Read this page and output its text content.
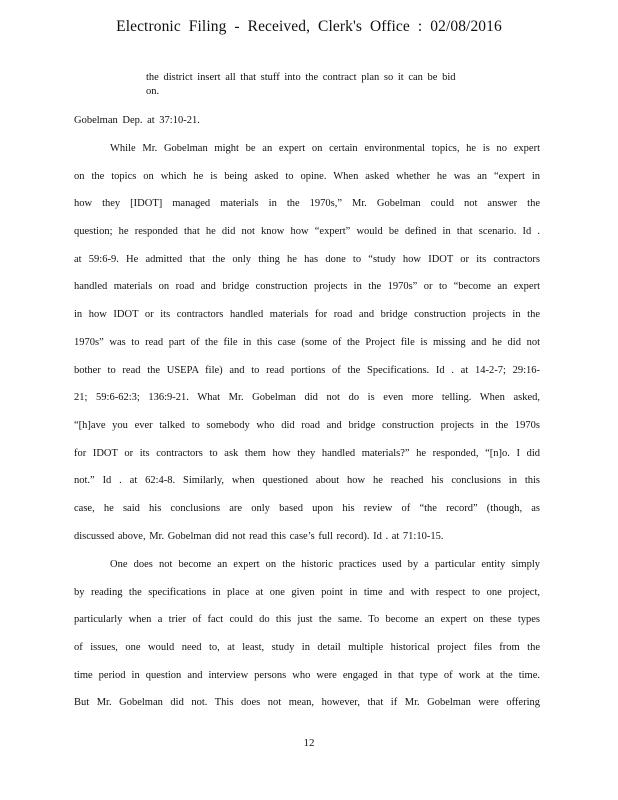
Electronic Filing - Received, Clerk's Office : 02/08/2016
the district insert all that stuff into the contract plan so it can be bid
on.
Gobelman Dep. at 37:10-21.
While Mr. Gobelman might be an expert on certain environmental topics, he is no expert
on the topics on which he is being asked to opine. When asked whether he was an “expert in
how they [IDOT] managed materials in the 1970s,” Mr. Gobelman could not answer the
question; he responded that he did not know how “expert” would be defined in that scenario. Id .
at 59:6-9. He admitted that the only thing he has done to “study how IDOT or its contractors
handled materials on road and bridge construction projects in the 1970s” or to “become an expert
in how IDOT or its contractors handled materials for road and bridge construction projects in the
1970s” was to read part of the file in this case (some of the Project file is missing and he did not
bother to read the USEPA file) and to read portions of the Specifications. Id . at 14-2-7; 29:16-
21; 59:6-62:3; 136:9-21. What Mr. Gobelman did not do is even more telling. When asked,
“[h]ave you ever talked to somebody who did road and bridge construction projects in the 1970s
for IDOT or its contractors to ask them how they handled materials?” he responded, “[n]o. I did
not.” Id . at 62:4-8. Similarly, when questioned about how he reached his conclusions in this
case, he said his conclusions are only based upon his review of “the record” (though, as
discussed above, Mr. Gobelman did not read this case’s full record). Id . at 71:10-15.
One does not become an expert on the historic practices used by a particular entity simply
by reading the specifications in place at one given point in time and with respect to one project,
particularly when a trier of fact could do this just the same. To become an expert on these types
of issues, one would need to, at least, study in detail multiple historical project files from the
time period in question and interview persons who were engaged in that type of work at the time.
But Mr. Gobelman did not. This does not mean, however, that if Mr. Gobelman were offering
12
